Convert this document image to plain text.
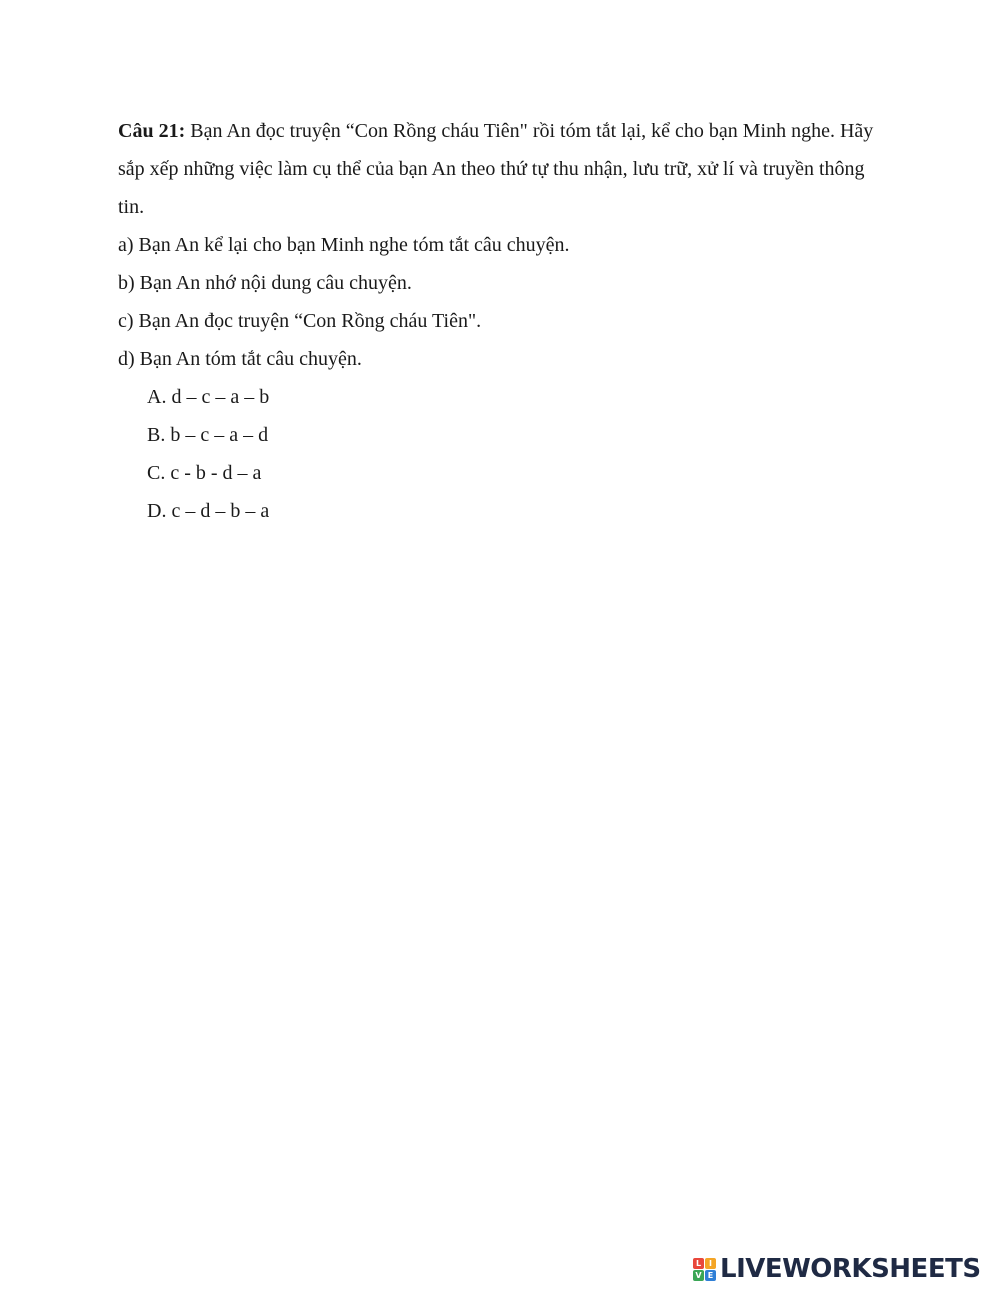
Câu 21: Bạn An đọc truyện “Con Rồng cháu Tiên" rồi tóm tắt lại, kể cho bạn Minh nghe. Hãy sắp xếp những việc làm cụ thể của bạn An theo thứ tự thu nhận, lưu trữ, xử lí và truyền thông tin.

a) Bạn An kể lại cho bạn Minh nghe tóm tắt câu chuyện.

b) Bạn An nhớ nội dung câu chuyện.

c) Bạn An đọc truyện “Con Rồng cháu Tiên".

d) Bạn An tóm tắt câu chuyện.

A. d – c – a – b

B. b – c – a – d

C. c - b - d – a

D. c – d – b – a

L I
V E LIVEWORKSHEETS
